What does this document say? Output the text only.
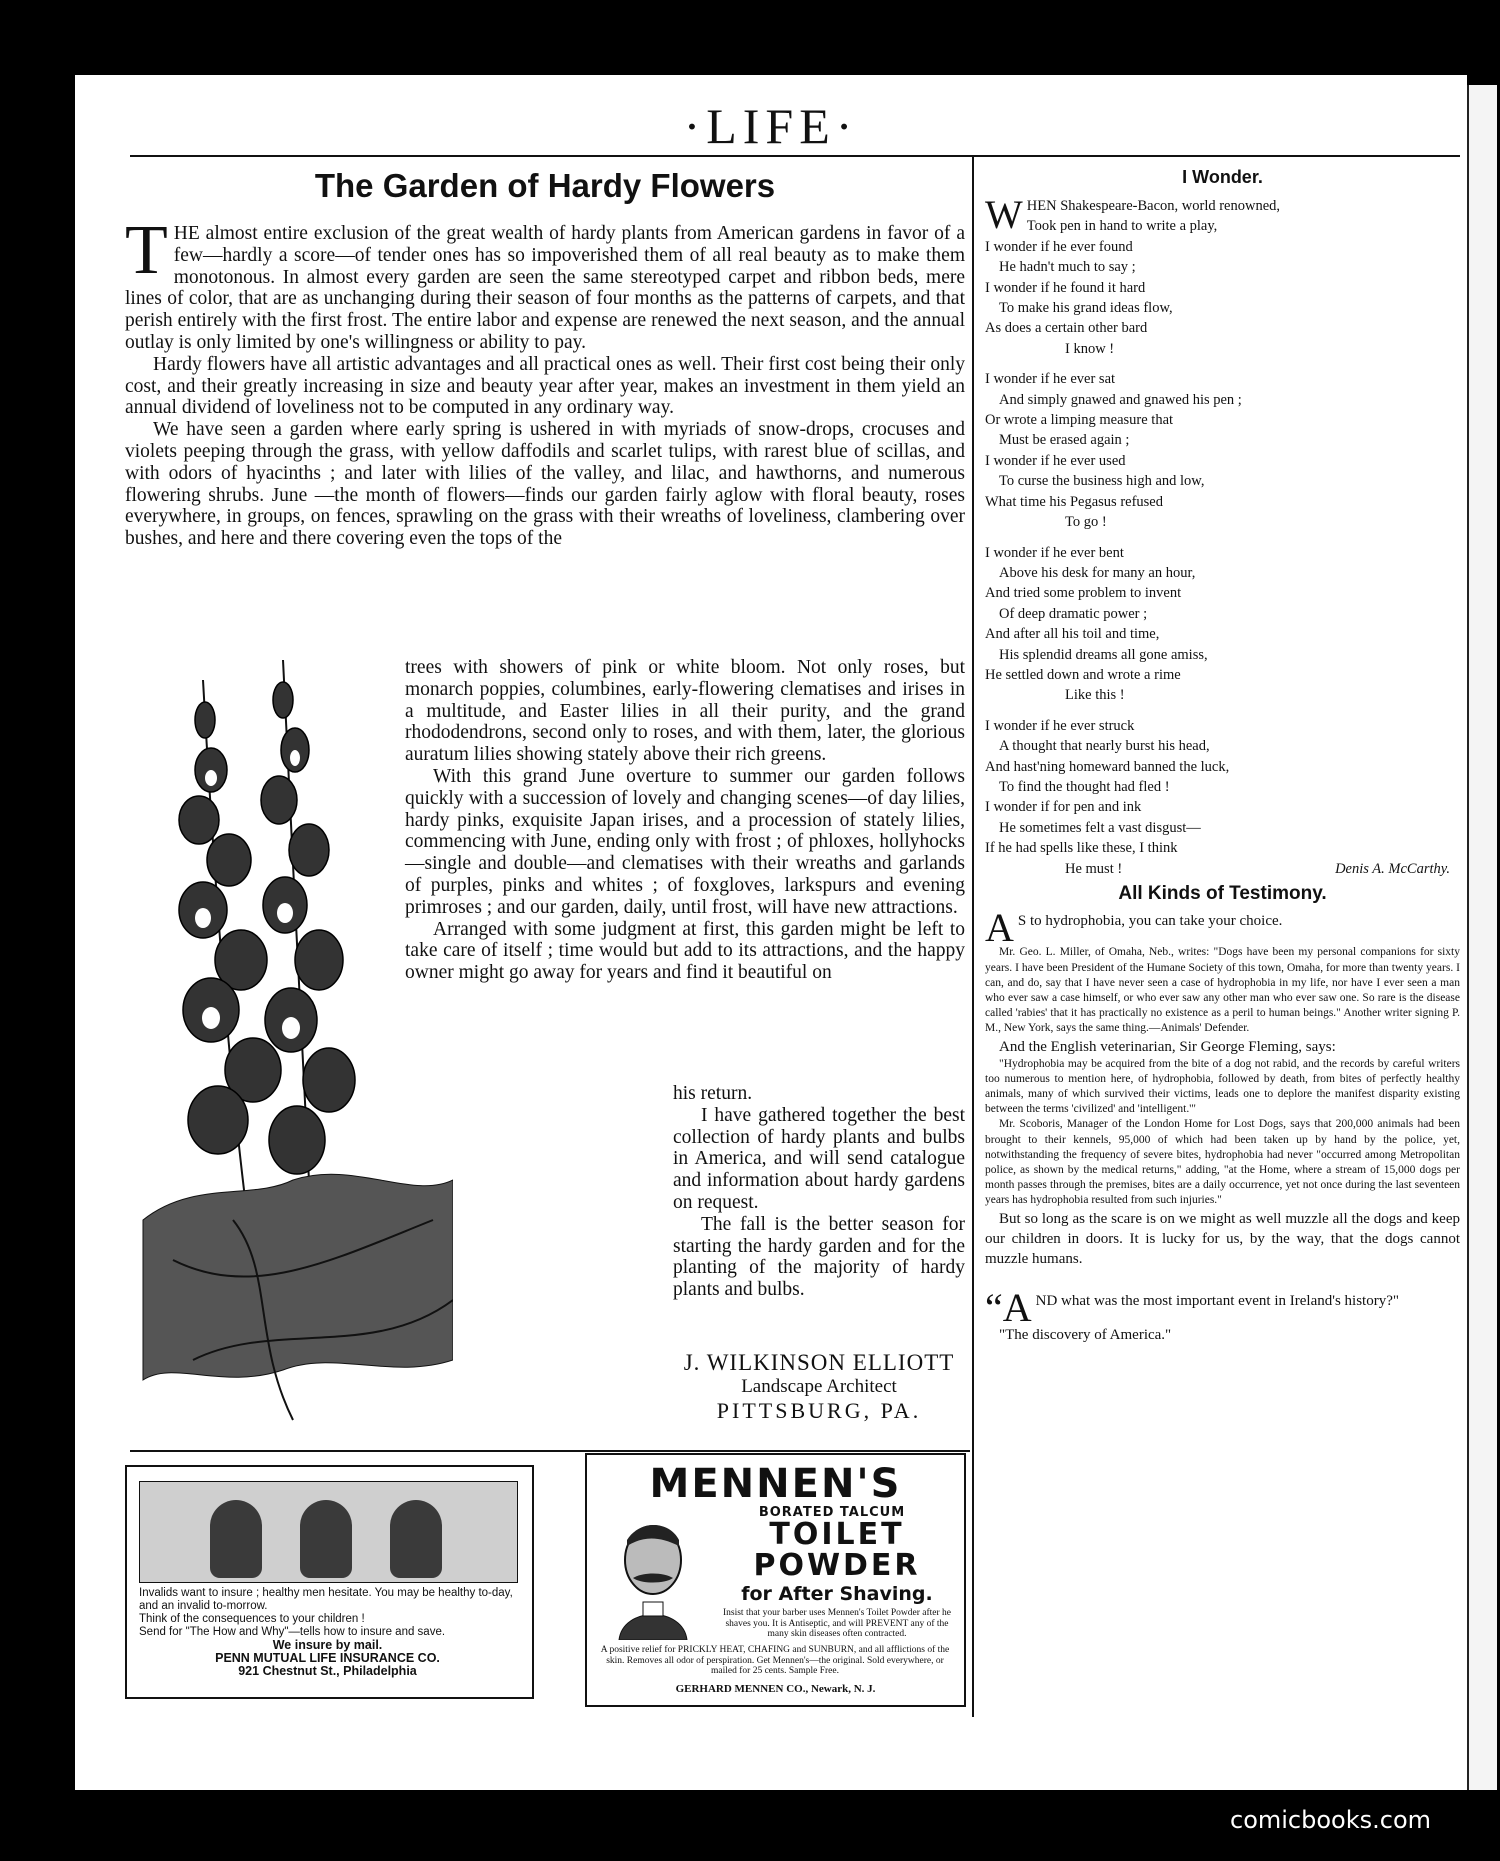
·LIFE·
The Garden of Hardy Flowers

THE almost entire exclusion of the great wealth of hardy plants from American gardens in favor of a few—hardly a score—of tender ones has so impoverished them of all real beauty as to make them monotonous. In almost every garden are seen the same stereotyped carpet and ribbon beds, mere lines of color, that are as unchanging during their season of four months as the patterns of carpets, and that perish entirely with the first frost. The entire labor and expense are renewed the next season, and the annual outlay is only limited by one's willingness or ability to pay.

Hardy flowers have all artistic advantages and all practical ones as well. Their first cost being their only cost, and their greatly increasing in size and beauty year after year, makes an investment in them yield an annual dividend of loveliness not to be computed in any ordinary way.

We have seen a garden where early spring is ushered in with myriads of snow-drops, crocuses and violets peeping through the grass, with yellow daffodils and scarlet tulips, with rarest blue of scillas, and with odors of hyacinths ; and later with lilies of the valley, and lilac, and hawthorns, and numerous flowering shrubs. June —the month of flowers—finds our garden fairly aglow with floral beauty, roses everywhere, in groups, on fences, sprawling on the grass with their wreaths of loveliness, clambering over bushes, and here and there covering even the tops of the

trees with showers of pink or white bloom. Not only roses, but monarch poppies, columbines, early-flowering clematises and irises in a multitude, and Easter lilies in all their purity, and the grand rhododendrons, second only to roses, and with them, later, the glorious auratum lilies showing stately above their rich greens.

With this grand June overture to summer our garden follows quickly with a succession of lovely and changing scenes—of day lilies, hardy pinks, exquisite Japan irises, and a procession of stately lilies, commencing with June, ending only with frost ; of phloxes, hollyhocks—single and double—and clematises with their wreaths and garlands of purples, pinks and whites ; of foxgloves, larkspurs and evening primroses ; and our garden, daily, until frost, will have new attractions.

Arranged with some judgment at first, this garden might be left to take care of itself ; time would but add to its attractions, and the happy owner might go away for years and find it beautiful on

his return.

I have gathered together the best collection of hardy plants and bulbs in America, and will send catalogue and information about hardy gardens on request.

The fall is the better season for starting the hardy garden and for the planting of the majority of hardy plants and bulbs.

J. WILKINSON ELLIOTT
Landscape Architect
PITTSBURG, PA.
Invalids want to insure ; healthy men hesitate. You may be healthy to-day, and an invalid to-morrow.
Think of the consequences to your children !
Send for "The How and Why"—tells how to insure and save.
We insure by mail.
PENN MUTUAL LIFE INSURANCE CO.
921 Chestnut St., Philadelphia
MENNEN'S
BORATED TALCUM
TOILET
POWDER
for After Shaving.
Insist that your barber uses Mennen's Toilet Powder after he shaves you. It is Antiseptic, and will PREVENT any of the many skin diseases often contracted.
A positive relief for PRICKLY HEAT, CHAFING and SUNBURN, and all afflictions of the skin. Removes all odor of perspiration. Get Mennen's—the original. Sold everywhere, or mailed for 25 cents. Sample Free.
GERHARD MENNEN CO., Newark, N. J.
I Wonder.
WHEN Shakespeare-Bacon, world renowned,
Took pen in hand to write a play,
I wonder if he ever found
He hadn't much to say ;
I wonder if he found it hard
To make his grand ideas flow,
As does a certain other bard
I know !
I wonder if he ever sat
And simply gnawed and gnawed his pen ;
Or wrote a limping measure that
Must be erased again ;
I wonder if he ever used
To curse the business high and low,
What time his Pegasus refused
To go !
I wonder if he ever bent
Above his desk for many an hour,
And tried some problem to invent
Of deep dramatic power ;
And after all his toil and time,
His splendid dreams all gone amiss,
He settled down and wrote a rime
Like this !
I wonder if he ever struck
A thought that nearly burst his head,
And hast'ning homeward banned the luck,
To find the thought had fled !
I wonder if for pen and ink
He sometimes felt a vast disgust—
If he had spells like these, I think
He must !	Denis A. McCarthy.
All Kinds of Testimony.
A S to hydrophobia, you can take your choice.

Mr. Geo. L. Miller, of Omaha, Neb., writes: "Dogs have been my personal companions for sixty years. I have been President of the Humane Society of this town, Omaha, for more than twenty years. I can, and do, say that I have never seen a case of hydrophobia in my life, nor have I ever seen a man who ever saw a case himself, or who ever saw any other man who ever saw one. So rare is the disease called 'rabies' that it has practically no existence as a peril to human beings." Another writer signing P. M., New York, says the same thing.—Animals' Defender.

And the English veterinarian, Sir George Fleming, says:

"Hydrophobia may be acquired from the bite of a dog not rabid, and the records by careful writers too numerous to mention here, of hydrophobia, followed by death, from bites of perfectly healthy animals, many of which survived their victims, leads one to deplore the manifest disparity existing between the terms 'civilized' and 'intelligent.'"

Mr. Scoboris, Manager of the London Home for Lost Dogs, says that 200,000 animals had been brought to their kennels, 95,000 of which had been taken up by hand by the police, yet, notwithstanding the frequency of severe bites, hydrophobia had never "occurred among Metropolitan police, as shown by the medical returns," adding, "at the Home, where a stream of 15,000 dogs per month passes through the premises, bites are a daily occurrence, yet not once during the last seventeen years has hydrophobia resulted from such injuries."

But so long as the scare is on we might as well muzzle all the dogs and keep our children in doors. It is lucky for us, by the way, that the dogs cannot muzzle humans.

“AND what was the most important event in Ireland's history?"
"The discovery of America."
comicbooks.com
